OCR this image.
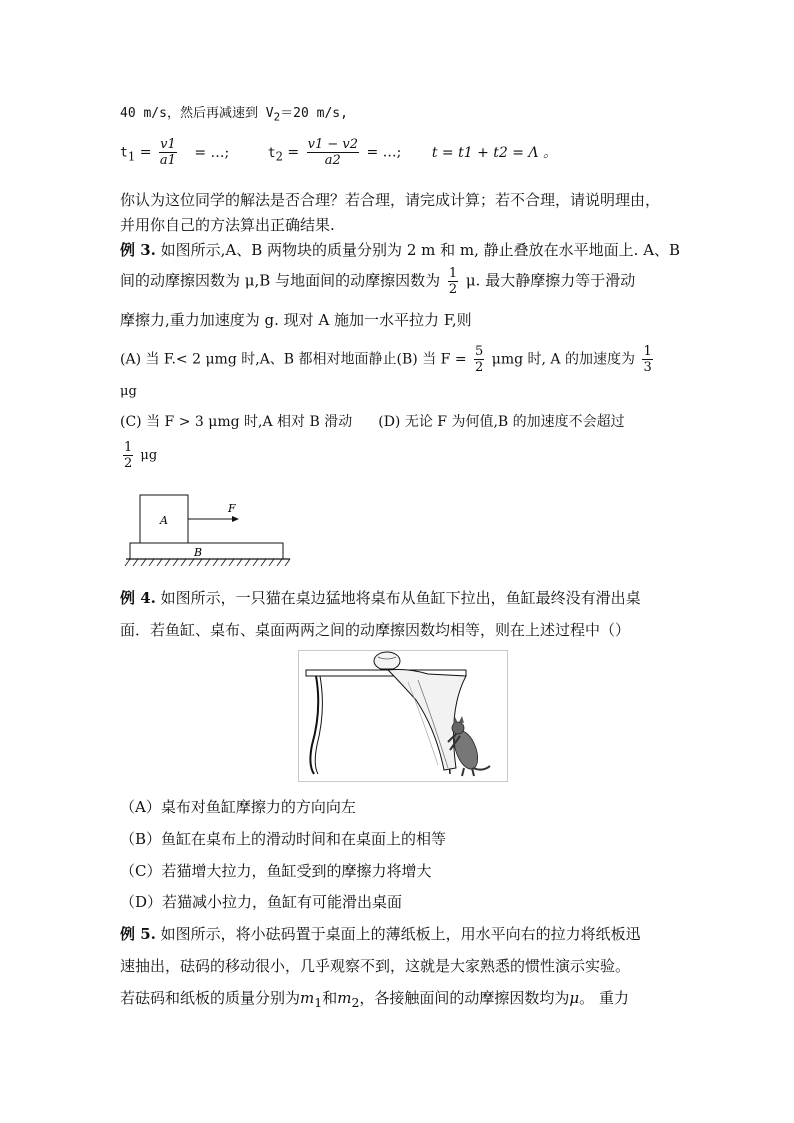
40 m/s，然后再减速到 $V_2=20$ m/s,
$t_1 = \frac{v1}{a1}$ = …;	$t_2 = \frac{v1 - v2}{a2}$ = …; t = t1 + t2 = Λ 。
你认为这位同学的解法是否合理？若合理，请完成计算；若不合理，请说明理由，
并用你自己的方法算出正确结果.
例 3. 如图所示,A、B 两物块的质量分别为 2 m 和 m, 静止叠放在水平地面上. A、B
间的动摩擦因数为 μ,B 与地面间的动摩擦因数为 $\frac{1}{2} \mu$. 最大静摩擦力等于滑动
摩擦力,重力加速度为 g. 现对 A 施加一水平拉力 F,则
(A) 当 F.< 2 μmg 时,A、B 都相对地面静止(B) 当 $F = \frac{5}{2}$ μmg 时, A 的加速度为 $\frac{1}{3}$
μg
(C) 当 F > 3 μmg 时,A 相对 B 滑动 (D) 无论 F 为何值,B 的加速度不会超过
$\frac{1}{2}$ μg
A
F
B
例 4. 如图所示，一只猫在桌边猛地将桌布从鱼缸下拉出，鱼缸最终没有滑出桌
面．若鱼缸、桌布、桌面两两之间的动摩擦因数均相等，则在上述过程中（）
（A）桌布对鱼缸摩擦力的方向向左
（B）鱼缸在桌布上的滑动时间和在桌面上的相等
（C）若猫增大拉力，鱼缸受到的摩擦力将增大
（D）若猫减小拉力，鱼缸有可能滑出桌面
例 5. 如图所示，将小砝码置于桌面上的薄纸板上，用水平向右的拉力将纸板迅
速抽出，砝码的移动很小，几乎观察不到，这就是大家熟悉的惯性演示实验。
若砝码和纸板的质量分别为$m_1$和$m_2$，各接触面间的动摩擦因数均为μ。 重力
